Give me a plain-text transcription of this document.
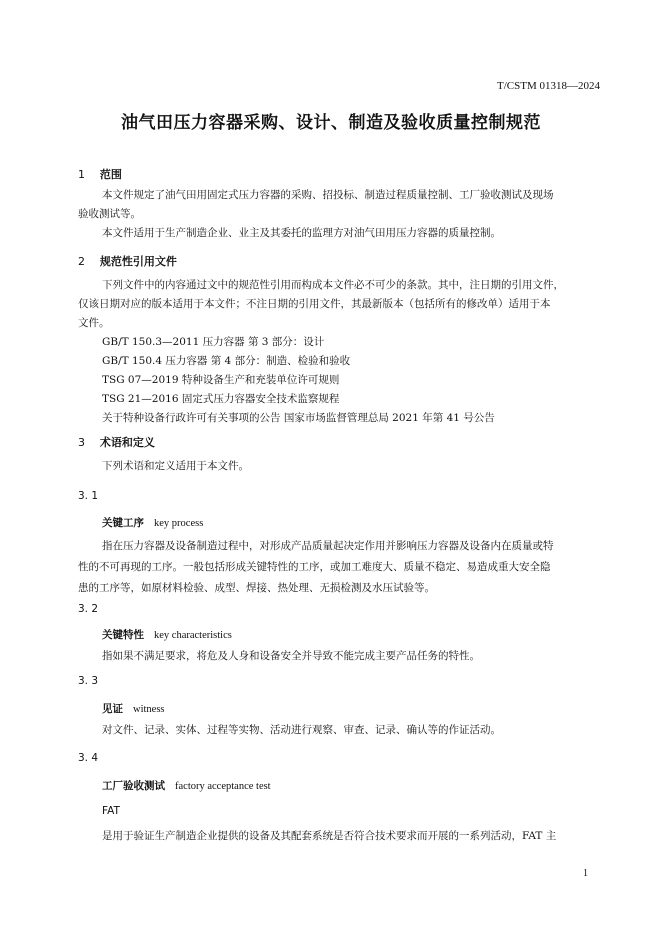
T/CSTM 01318—2024
油气田压力容器采购、设计、制造及验收质量控制规范
1 范围
本文件规定了油气田用固定式压力容器的采购、招投标、制造过程质量控制、工厂验收测试及现场
验收测试等。
本文件适用于生产制造企业、业主及其委托的监理方对油气田用压力容器的质量控制。
2 规范性引用文件
下列文件中的内容通过文中的规范性引用而构成本文件必不可少的条款。其中，注日期的引用文件，
仅该日期对应的版本适用于本文件；不注日期的引用文件，其最新版本（包括所有的修改单）适用于本
文件。
GB/T 150.3—2011 压力容器 第 3 部分：设计
GB/T 150.4 压力容器 第 4 部分：制造、检验和验收
TSG 07—2019 特种设备生产和充装单位许可规则
TSG 21—2016 固定式压力容器安全技术监察规程
关于特种设备行政许可有关事项的公告 国家市场监督管理总局 2021 年第 41 号公告
3 术语和定义
下列术语和定义适用于本文件。
3. 1
关键工序 key process
指在压力容器及设备制造过程中，对形成产品质量起决定作用并影响压力容器及设备内在质量或特
性的不可再现的工序。一般包括形成关键特性的工序，或加工难度大、质量不稳定、易造成重大安全隐
患的工序等，如原材料检验、成型、焊接、热处理、无损检测及水压试验等。
3. 2
关键特性 key characteristics
指如果不满足要求，将危及人身和设备安全并导致不能完成主要产品任务的特性。
3. 3
见证 witness
对文件、记录、实体、过程等实物、活动进行观察、审查、记录、确认等的作证活动。
3. 4
工厂验收测试 factory acceptance test
FAT
是用于验证生产制造企业提供的设备及其配套系统是否符合技术要求而开展的一系列活动，FAT 主
1
